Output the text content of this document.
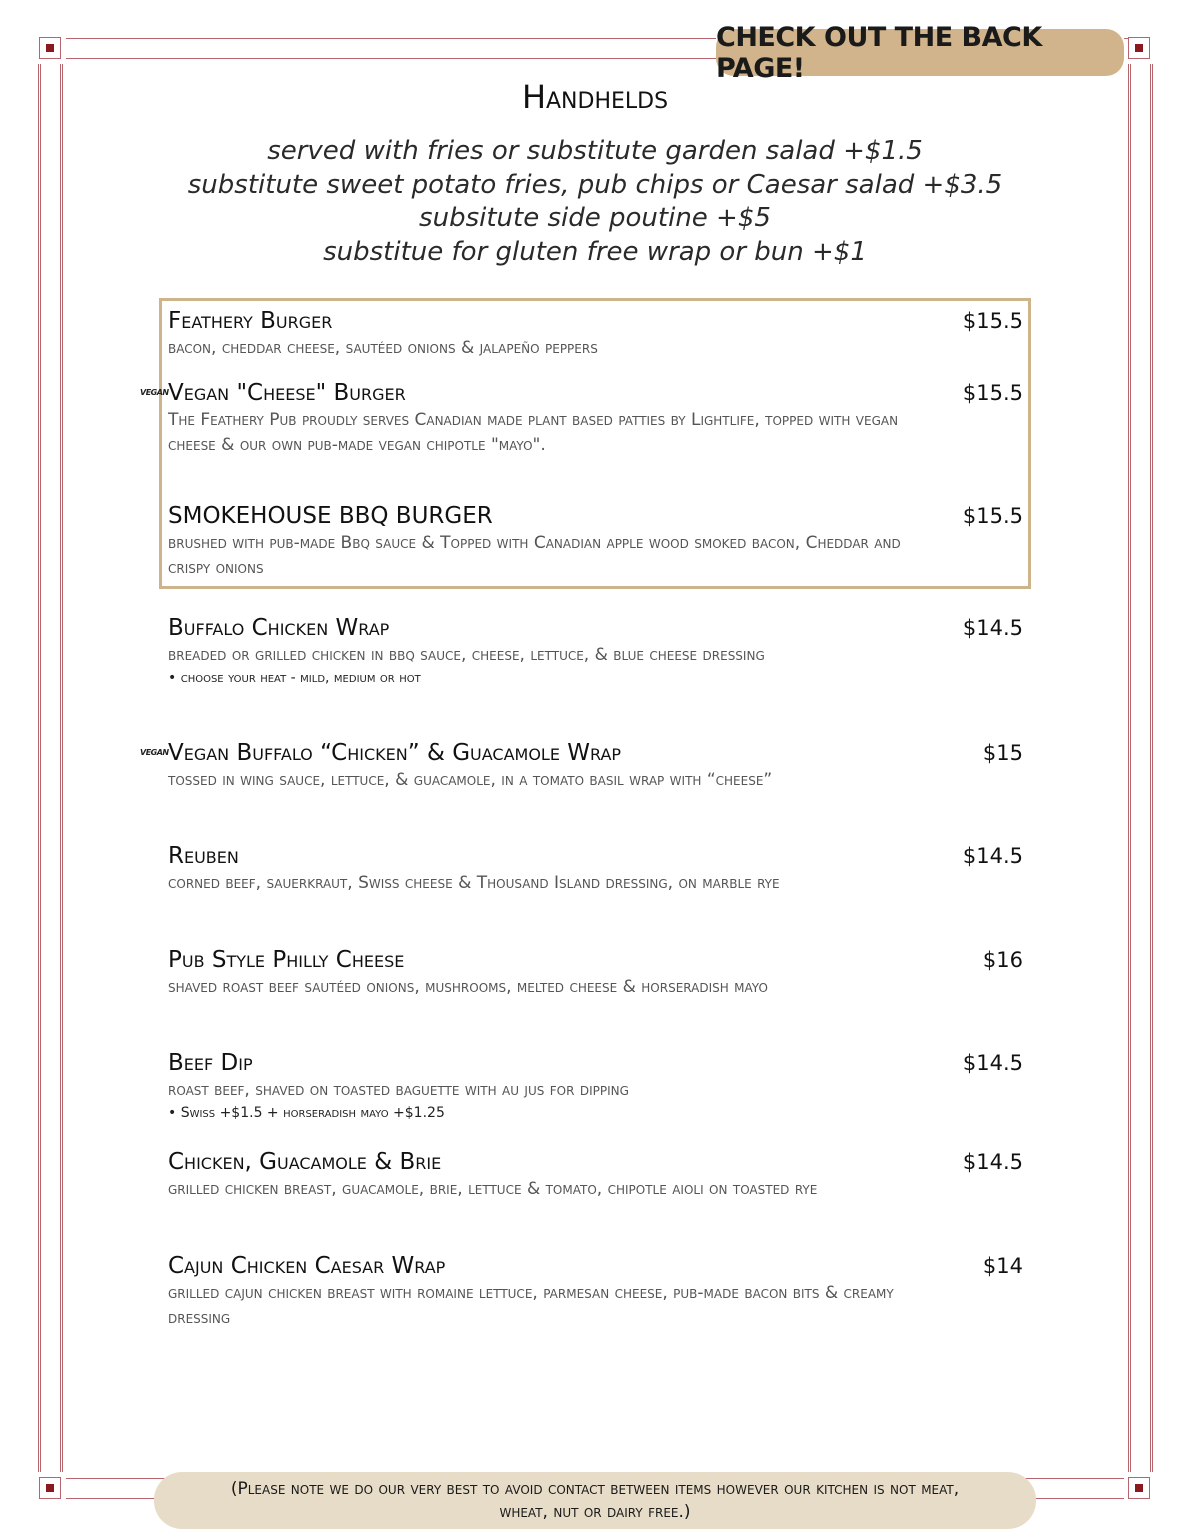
CHECK OUT THE BACK PAGE!
Handhelds
served with fries or substitute garden salad +$1.5
substitute sweet potato fries, pub chips or Caesar salad +$3.5
subsitute side poutine +$5
substitue for gluten free wrap or bun +$1
Feathery Burger	$15.5
bacon, cheddar cheese, sautéed onions & jalapeño peppers
VEGAN Vegan "Cheese" Burger	$15.5
The Feathery Pub proudly serves Canadian made plant based patties by Lightlife, topped with vegan cheese & our own pub-made vegan chipotle "mayo".
SMOKEHOUSE BBQ BURGER	$15.5
brushed with pub-made Bbq sauce & Topped with Canadian apple wood smoked bacon, Cheddar and crispy onions
Buffalo Chicken Wrap	$14.5
breaded or grilled chicken in bbq sauce, cheese, lettuce, & blue cheese dressing
• choose your heat - mild, medium or hot
VEGAN Vegan Buffalo “Chicken” & Guacamole Wrap	$15
tossed in wing sauce, lettuce, & guacamole, in a tomato basil wrap with “cheese”
Reuben	$14.5
corned beef, sauerkraut, Swiss cheese & Thousand Island dressing, on marble rye
Pub Style Philly Cheese	$16
shaved roast beef sautéed onions, mushrooms, melted cheese & horseradish mayo
Beef Dip	$14.5
roast beef, shaved on toasted baguette with au jus for dipping
• Swiss +$1.5 + horseradish mayo +$1.25
Chicken, Guacamole & Brie	$14.5
grilled chicken breast, guacamole, brie, lettuce & tomato, chipotle aioli on toasted rye
Cajun Chicken Caesar Wrap	$14
grilled cajun chicken breast with romaine lettuce, parmesan cheese, pub-made bacon bits & creamy dressing
(Please note we do our very best to avoid contact between items however our kitchen is not meat, wheat, nut or dairy free.)
